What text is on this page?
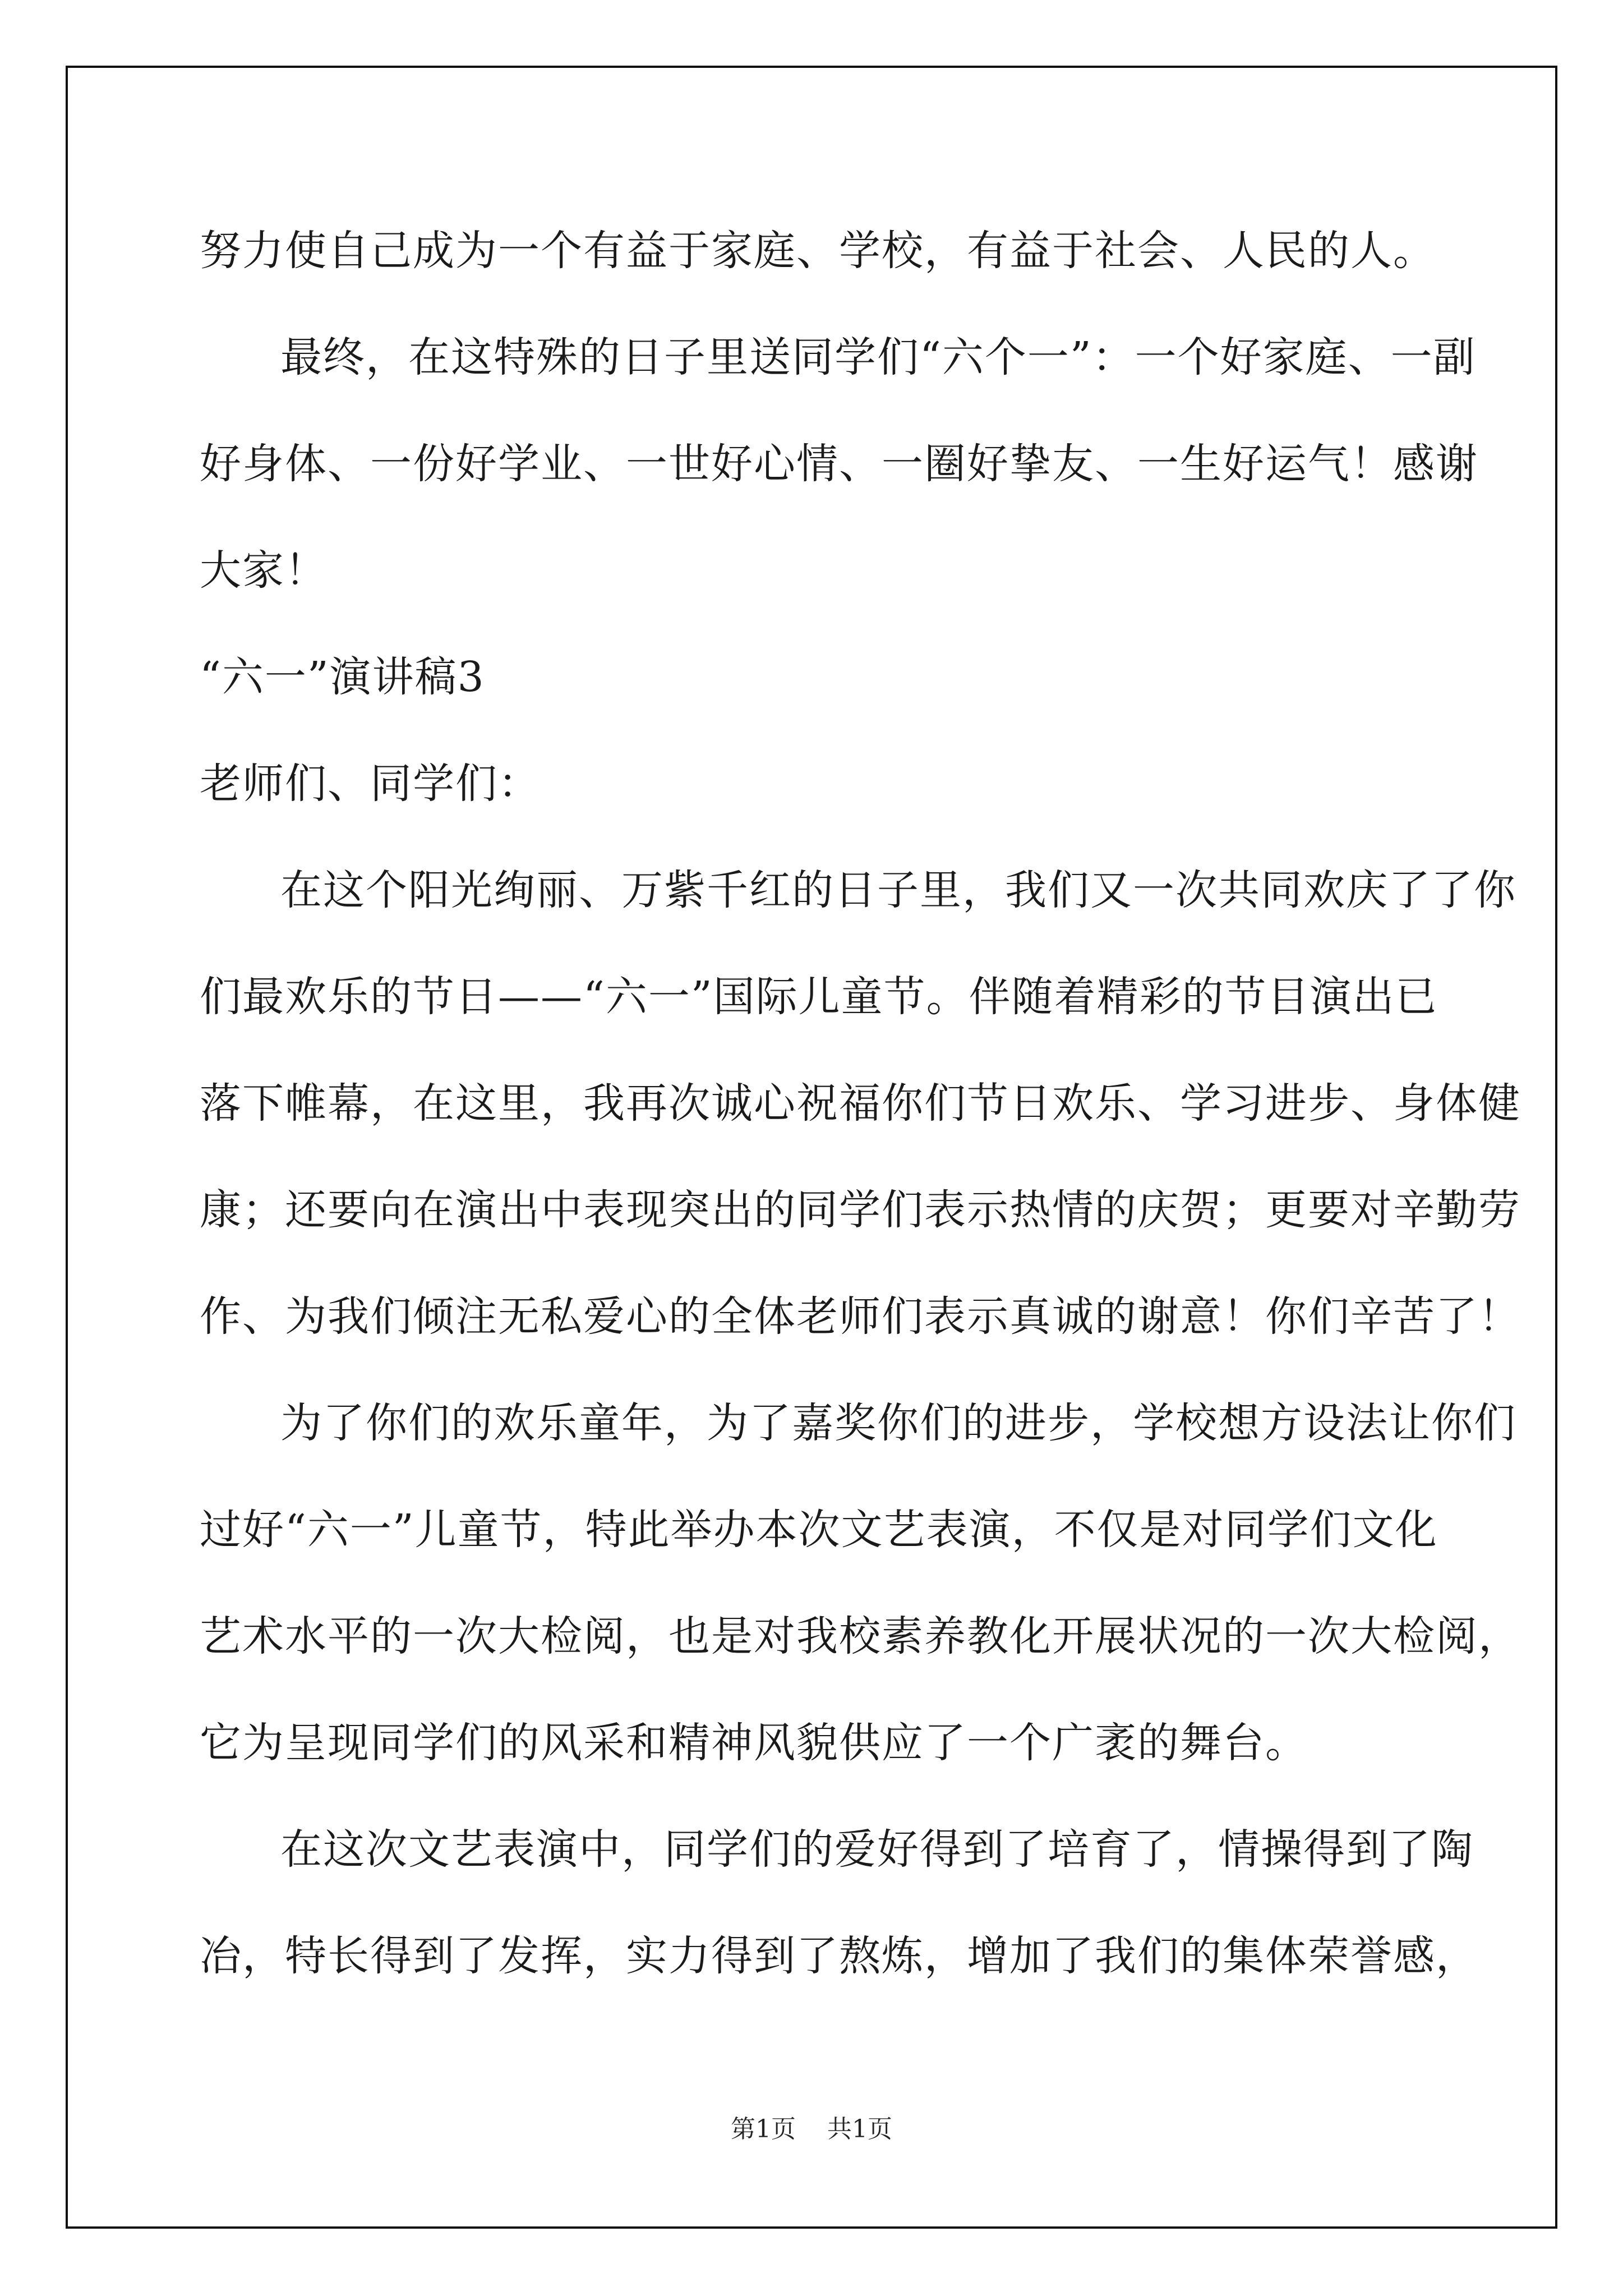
努力使自己成为一个有益于家庭、学校，有益于社会、人民的人。
最终，在这特殊的日子里送同学们“六个一”：一个好家庭、一副
好身体、一份好学业、一世好心情、一圈好挚友、一生好运气！感谢
大家！
“六一”演讲稿3
老师们、同学们：
在这个阳光绚丽、万紫千红的日子里，我们又一次共同欢庆了了你
们最欢乐的节日——“六一”国际儿童节。伴随着精彩的节目演出已
落下帷幕，在这里，我再次诚心祝福你们节日欢乐、学习进步、身体健
康；还要向在演出中表现突出的同学们表示热情的庆贺；更要对辛勤劳
作、为我们倾注无私爱心的全体老师们表示真诚的谢意！你们辛苦了！
为了你们的欢乐童年，为了嘉奖你们的进步，学校想方设法让你们
过好“六一”儿童节，特此举办本次文艺表演，不仅是对同学们文化
艺术水平的一次大检阅，也是对我校素养教化开展状况的一次大检阅，
它为呈现同学们的风采和精神风貌供应了一个广袤的舞台。
在这次文艺表演中，同学们的爱好得到了培育了，情操得到了陶
冶，特长得到了发挥，实力得到了熬炼，增加了我们的集体荣誉感，
第1页 共1页
